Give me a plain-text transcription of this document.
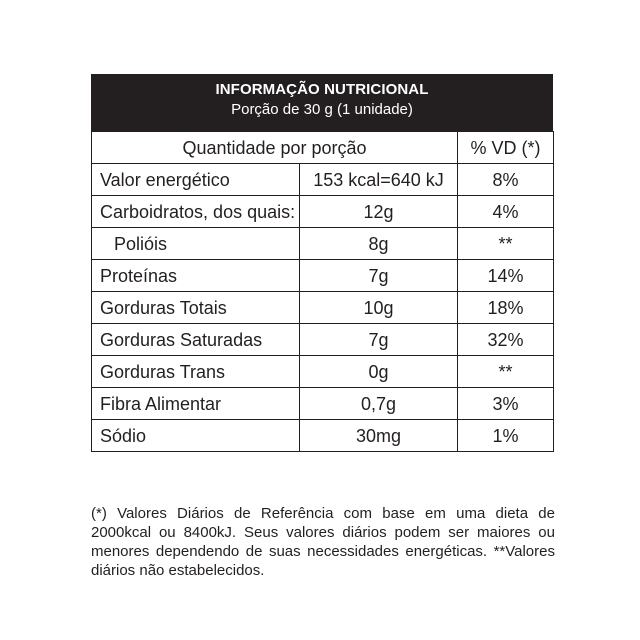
INFORMAÇÃO NUTRICIONAL
Porção de 30 g (1 unidade)
Quantidade por porção		% VD (*)
Valor energético	153 kcal=640 kJ	8%
Carboidratos, dos quais:	12g	4%
Polióis	8g	**
Proteínas	7g	14%
Gorduras Totais	10g	18%
Gorduras Saturadas	7g	32%
Gorduras Trans	0g	**
Fibra Alimentar	0,7g	3%
Sódio	30mg	1%

(*) Valores Diários de Referência com base em uma dieta de 2000kcal ou 8400kJ. Seus valores diários podem ser maiores ou menores dependendo de suas necessidades energéticas. **Valores diários não estabelecidos.
